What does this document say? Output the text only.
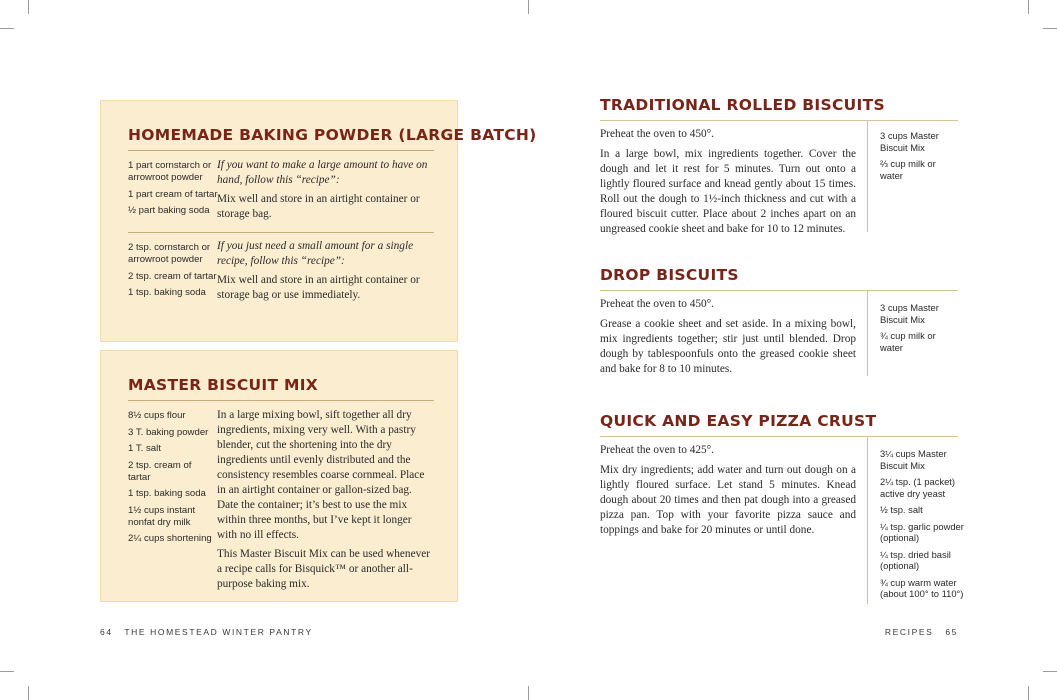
HOMEMADE BAKING POWDER (LARGE BATCH)
1 part cornstarch or arrowroot powder
1 part cream of tartar
½ part baking soda

If you want to make a large amount to have on hand, follow this “recipe”:

Mix well and store in an airtight container or storage bag.

2 tsp. cornstarch or arrowroot powder
2 tsp. cream of tartar
1 tsp. baking soda

If you just need a small amount for a single recipe, follow this “recipe”:

Mix well and store in an airtight container or storage bag or use immediately.

MASTER BISCUIT MIX
8½ cups flour
3 T. baking powder
1 T. salt
2 tsp. cream of tartar
1 tsp. baking soda
1½ cups instant nonfat dry milk
2¼ cups shortening

In a large mixing bowl, sift together all dry ingredients, mixing very well. With a pastry blender, cut the shortening into the dry ingredients until evenly distributed and the consistency resembles coarse cornmeal. Place in an airtight container or gallon-sized bag. Date the container; it’s best to use the mix within three months, but I’ve kept it longer with no ill effects.

This Master Biscuit Mix can be used whenever a recipe calls for Bisquick™ or another all-purpose baking mix.

64 THE HOMESTEAD WINTER PANTRY
TRADITIONAL ROLLED BISCUITS

Preheat the oven to 450°.

In a large bowl, mix ingredients together. Cover the dough and let it rest for 5 minutes. Turn out onto a lightly floured surface and knead gently about 15 times. Roll out the dough to 1½-inch thickness and cut with a floured biscuit cutter. Place about 2 inches apart on an ungreased cookie sheet and bake for 10 to 12 minutes.

3 cups Master Biscuit Mix
⅔ cup milk or water
DROP BISCUITS

Preheat the oven to 450°.

Grease a cookie sheet and set aside. In a mixing bowl, mix ingredients together; stir just until blended. Drop dough by tablespoonfuls onto the greased cookie sheet and bake for 8 to 10 minutes.

3 cups Master Biscuit Mix
¾ cup milk or water
QUICK AND EASY PIZZA CRUST

Preheat the oven to 425°.

Mix dry ingredients; add water and turn out dough on a lightly floured surface. Let stand 5 minutes. Knead dough about 20 times and then pat dough into a greased pizza pan. Top with your favorite pizza sauce and toppings and bake for 20 minutes or until done.

3¼ cups Master Biscuit Mix
2¼ tsp. (1 packet) active dry yeast
½ tsp. salt
¼ tsp. garlic powder (optional)
¼ tsp. dried basil (optional)
¾ cup warm water (about 100° to 110°)
RECIPES 65
